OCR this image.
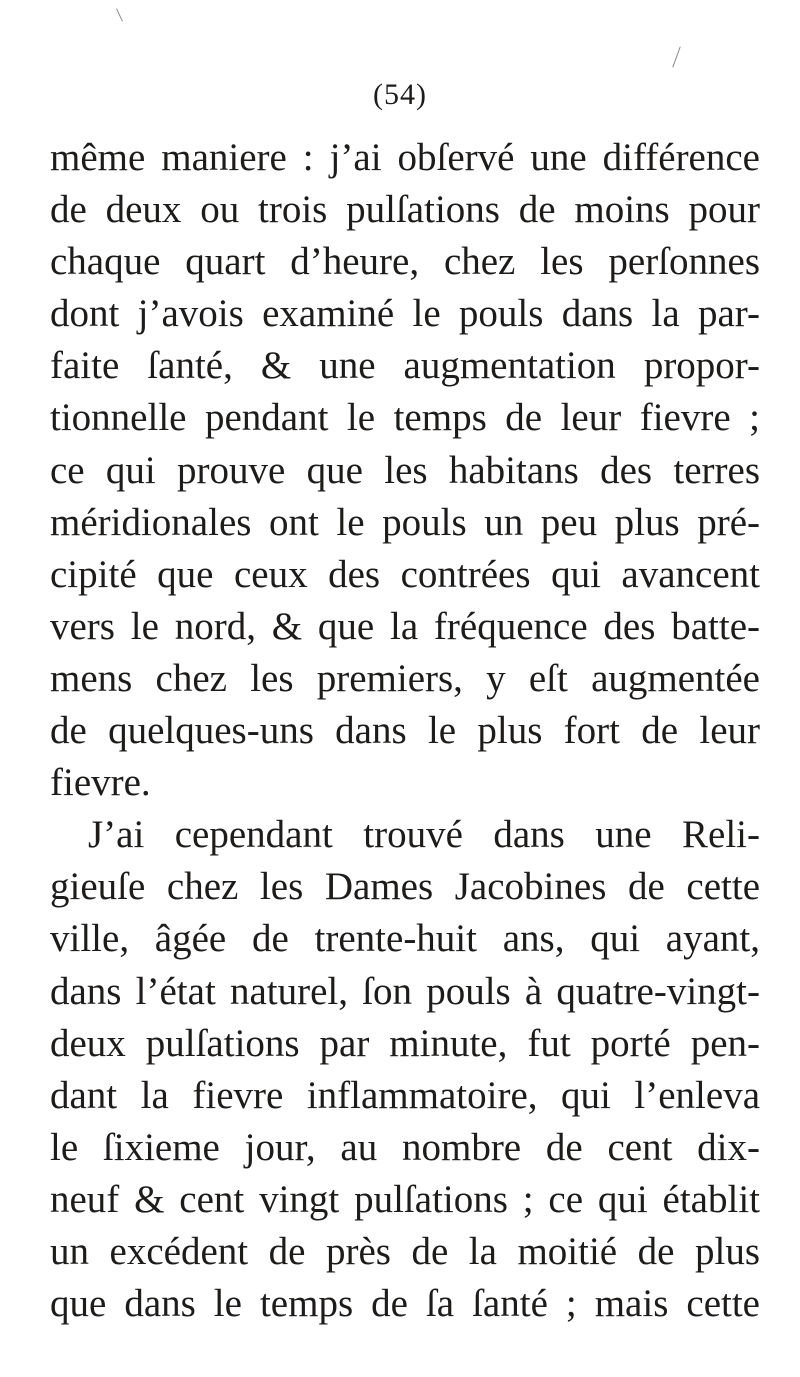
(54)
même maniere : j’ai obſervé une différence
de deux ou trois pulſations de moins pour
chaque quart d’heure, chez les perſonnes
dont j’avois examiné le pouls dans la par-
faite ſanté, & une augmentation propor-
tionnelle pendant le temps de leur fievre ;
ce qui prouve que les habitans des terres
méridionales ont le pouls un peu plus pré-
cipité que ceux des contrées qui avancent
vers le nord, & que la fréquence des batte-
mens chez les premiers, y eſt augmentée
de quelques-uns dans le plus fort de leur
fievre.
J’ai cependant trouvé dans une Reli-
gieuſe chez les Dames Jacobines de cette
ville, âgée de trente-huit ans, qui ayant,
dans l’état naturel, ſon pouls à quatre-vingt-
deux pulſations par minute, fut porté pen-
dant la fievre inflammatoire, qui l’enleva
le ſixieme jour, au nombre de cent dix-
neuf & cent vingt pulſations ; ce qui établit
un excédent de près de la moitié de plus
que dans le temps de ſa ſanté ; mais cette
